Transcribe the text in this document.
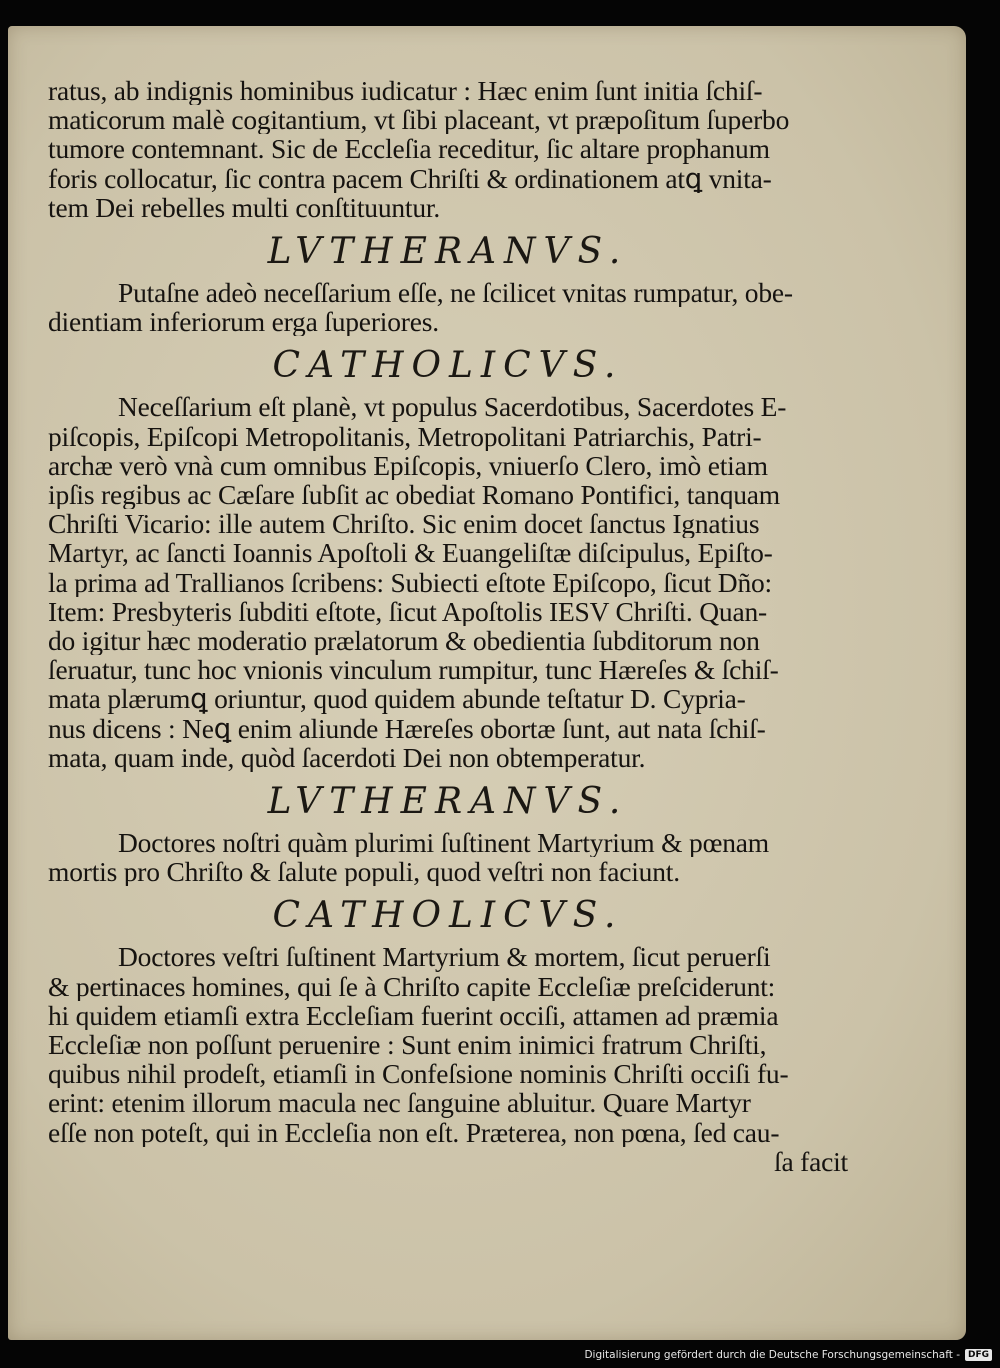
ratus, ab indignis hominibus iudicatur : Hæc enim ſunt initia ſchiſ-
maticorum malè cogitantium, vt ſibi placeant, vt præpoſitum ſuperbo
tumore contemnant. Sic de Eccleſia receditur, ſic altare prophanum
foris collocatur, ſic contra pacem Chriſti & ordinationem atꝗ vnita-
tem Dei rebelles multi conſtituuntur.
LVTHERANVS.
Putaſne adeò neceſſarium eſſe, ne ſcilicet vnitas rumpatur, obe-
dientiam inferiorum erga ſuperiores.
CATHOLICVS.
Neceſſarium eſt planè, vt populus Sacerdotibus, Sacerdotes E-
piſcopis, Epiſcopi Metropolitanis, Metropolitani Patriarchis, Patri-
archæ verò vnà cum omnibus Epiſcopis, vniuerſo Clero, imò etiam
ipſis regibus ac Cæſare ſubſit ac obediat Romano Pontifici, tanquam
Chriſti Vicario: ille autem Chriſto. Sic enim docet ſanctus Ignatius
Martyr, ac ſancti Ioannis Apoſtoli & Euangeliſtæ diſcipulus, Epiſto-
la prima ad Trallianos ſcribens: Subiecti eſtote Epiſcopo, ſicut Dño:
Item: Presbyteris ſubditi eſtote, ſicut Apoſtolis IESV Chriſti. Quan-
do igitur hæc moderatio prælatorum & obedientia ſubditorum non
ſeruatur, tunc hoc vnionis vinculum rumpitur, tunc Hæreſes & ſchiſ-
mata plærumꝗ oriuntur, quod quidem abunde teſtatur D. Cypria-
nus dicens : Neꝗ enim aliunde Hæreſes obortæ ſunt, aut nata ſchiſ-
mata, quam inde, quòd ſacerdoti Dei non obtemperatur.
LVTHERANVS.
Doctores noſtri quàm plurimi ſuſtinent Martyrium & pœnam
mortis pro Chriſto & ſalute populi, quod veſtri non faciunt.
CATHOLICVS.
Doctores veſtri ſuſtinent Martyrium & mortem, ſicut peruerſi
& pertinaces homines, qui ſe à Chriſto capite Eccleſiæ preſciderunt:
hi quidem etiamſi extra Eccleſiam fuerint occiſi, attamen ad præmia
Eccleſiæ non poſſunt peruenire : Sunt enim inimici fratrum Chriſti,
quibus nihil prodeſt, etiamſi in Confeſsione nominis Chriſti occiſi fu-
erint: etenim illorum macula nec ſanguine abluitur. Quare Martyr
eſſe non poteſt, qui in Eccleſia non eſt. Præterea, non pœna, ſed cau-
ſa facit
Digitalisierung gefördert durch die Deutsche Forschungsgemeinschaft - DFG
